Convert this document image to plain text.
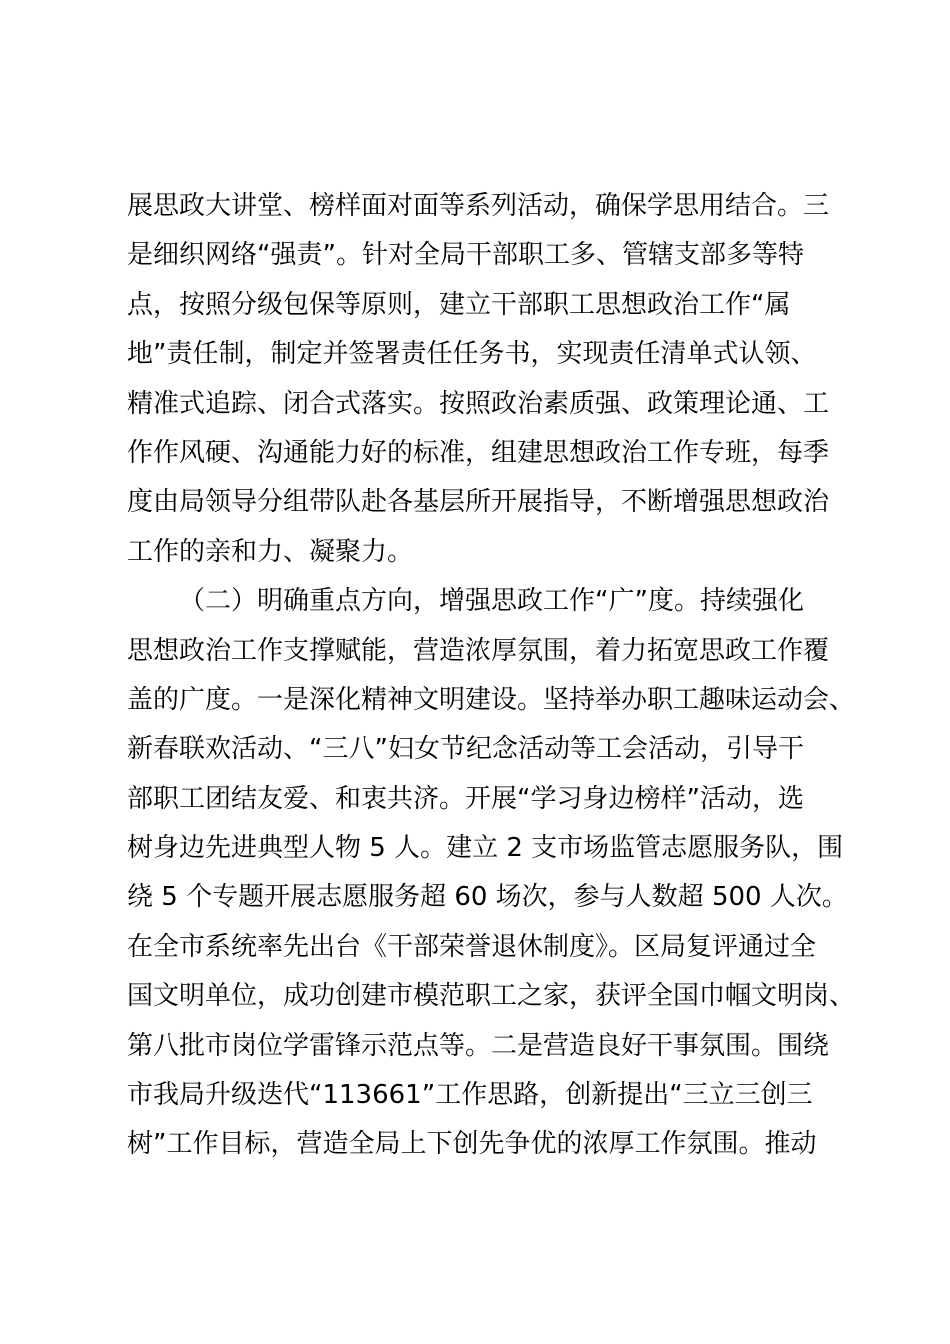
展思政大讲堂、榜样面对面等系列活动，确保学思用结合。三
是细织网络“强责”。针对全局干部职工多、管辖支部多等特
点，按照分级包保等原则，建立干部职工思想政治工作“属
地”责任制，制定并签署责任任务书，实现责任清单式认领、
精准式追踪、闭合式落实。按照政治素质强、政策理论通、工
作作风硬、沟通能力好的标准，组建思想政治工作专班，每季
度由局领导分组带队赴各基层所开展指导，不断增强思想政治
工作的亲和力、凝聚力。
（二）明确重点方向，增强思政工作“广”度。持续强化
思想政治工作支撑赋能，营造浓厚氛围，着力拓宽思政工作覆
盖的广度。一是深化精神文明建设。坚持举办职工趣味运动会、
新春联欢活动、“三八”妇女节纪念活动等工会活动，引导干
部职工团结友爱、和衷共济。开展“学习身边榜样”活动，选
树身边先进典型人物 5 人。建立 2 支市场监管志愿服务队，围
绕 5 个专题开展志愿服务超 60 场次，参与人数超 500 人次。
在全市系统率先出台《干部荣誉退休制度》。区局复评通过全
国文明单位，成功创建市模范职工之家，获评全国巾帼文明岗、
第八批市岗位学雷锋示范点等。二是营造良好干事氛围。围绕
市我局升级迭代“113661”工作思路，创新提出“三立三创三
树”工作目标，营造全局上下创先争优的浓厚工作氛围。推动
